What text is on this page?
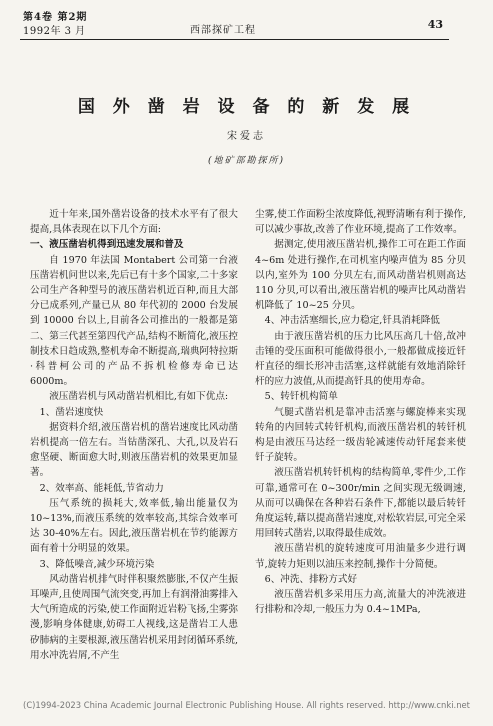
第4卷 第2期
1992年 3 月	西部探矿工程	43
国 外 凿 岩 设 备 的 新 发 展
宋爱志
(地矿部勘探所)

近十年来,国外凿岩设备的技术水平有了很大提高,具体表现在以下几个方面:

一、液压凿岩机得到迅速发展和普及

自 1970 年法国 Montabert 公司第一台液压凿岩机问世以来,先后已有十多个国家,二十多家公司生产各种型号的液压凿岩机近百种,而且大部分已成系列,产量已从 80 年代初的 2000 台发展到 10000 台以上,目前各公司推出的一般都是第二、第三代甚至第四代产品,结构不断简化,液压控制技术日趋成熟,整机寿命不断提高,瑞典阿特拉斯·科普柯公司的产品不拆机检修寿命已达 6000m。

液压凿岩机与风动凿岩机相比,有如下优点:

1、凿岩速度快

据资料介绍,液压凿岩机的凿岩速度比风动凿岩机提高一倍左右。当钻凿深孔、大孔,以及岩石愈坚硬、断面愈大时,则液压凿岩机的效果更加显著。

2、效率高、能耗低,节省动力

压气系统的损耗大,效率低,输出能量仅为 10~13%,而液压系统的效率较高,其综合效率可达 30-40%左右。因此,液压凿岩机在节约能源方面有着十分明显的效果。

3、降低噪音,减少环境污染

风动凿岩机排气时伴积聚然膨胀,不仅产生振耳噪声,且使周围气流突变,再加上有润滑油雾排入大气所造成的污染,使工作面附近岩粉飞扬,尘雾弥漫,影响身体健康,妨碍工人视线,这是凿岩工人患矽肺病的主要根源,液压凿岩机采用封闭循环系统,用水冲洗岩屑,不产生

尘雾,使工作面粉尘浓度降低,视野清晰有利于操作,可以减少事故,改善了作业环境,提高了工作效率。

据测定,使用液压凿岩机,操作工可在距工作面 4~6m 处进行操作,在司机室内噪声值为 85 分贝以内,室外为 100 分贝左右,而风动凿岩机则高达 110 分贝,可以看出,液压凿岩机的噪声比风动凿岩机降低了 10~25 分贝。

4、冲击活塞细长,应力稳定,钎具消耗降低

由于液压凿岩机的压力比风压高几十倍,故冲击锤的受压面积可能做得很小,一般都做成接近钎杆直径的细长形冲击活塞,这样就能有效地消除钎杆的应力波值,从而提高钎具的使用寿命。

5、转钎机构简单

气腿式凿岩机是靠冲击活塞与螺旋棒来实现转角的内回转式转钎机构,而液压凿岩机的转钎机构是由液压马达经一级齿轮减速传动钎尾套来使钎子旋转。

液压凿岩机转钎机构的结构简单,零件少,工作可靠,通常可在 0~300r/min 之间实现无级调速,从而可以确保在各种岩石条件下,都能以最后转钎角度运转,藉以提高凿岩速度,对松软岩层,可完全采用回转式凿岩,以取得最佳成效。

液压凿岩机的旋转速度可用油量多少进行调节,旋转力矩则以油压来控制,操作十分简便。

6、冲洗、排粉方式好

液压凿岩机多采用压力高,流量大的冲洗液进行排粉和冷却,一般压力为 0.4~1MPa,

(C)1994-2023 China Academic Journal Electronic Publishing House. All rights reserved. http://www.cnki.net
